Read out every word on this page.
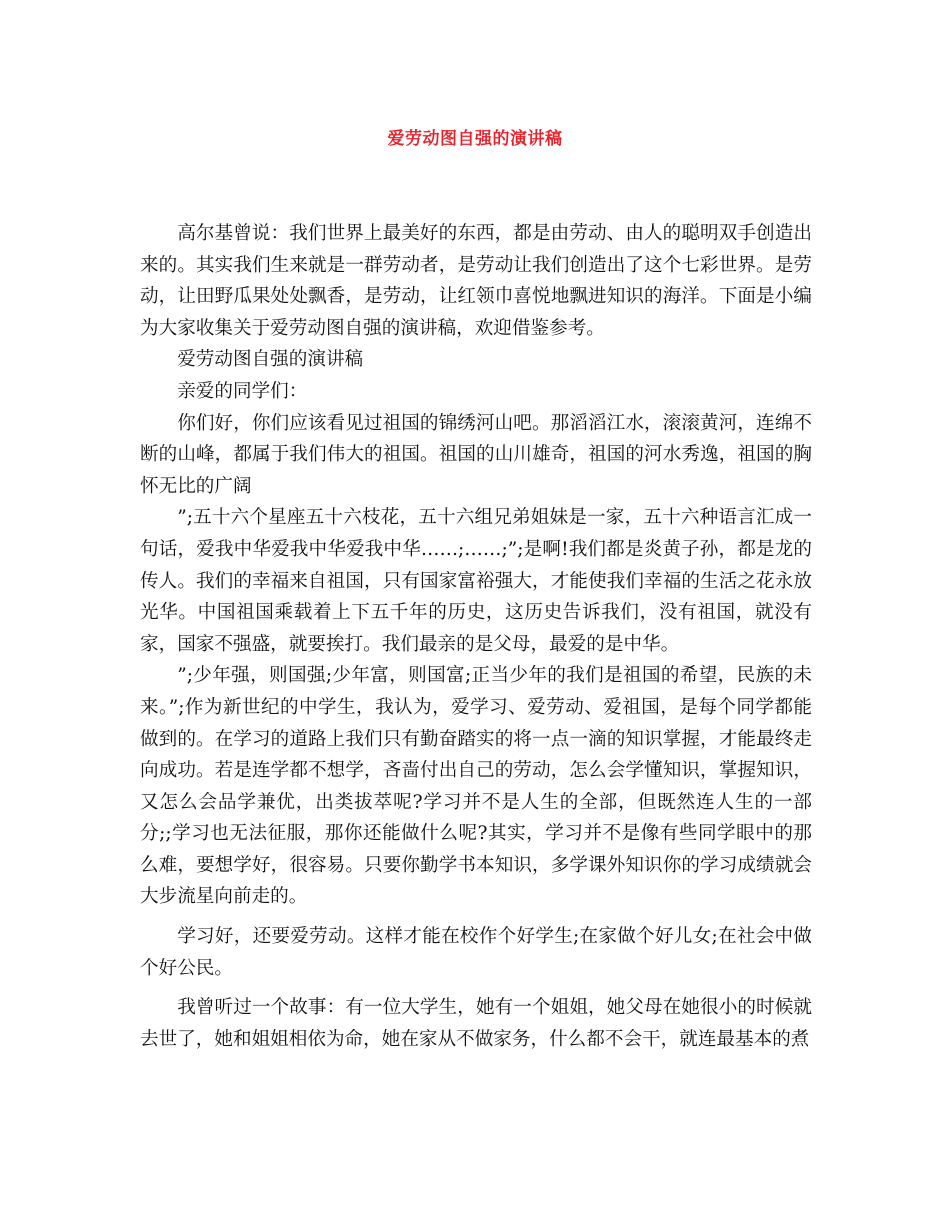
爱劳动图自强的演讲稿

高尔基曾说：我们世界上最美好的东西，都是由劳动、由人的聪明双手创造出来的。其实我们生来就是一群劳动者，是劳动让我们创造出了这个七彩世界。是劳动，让田野瓜果处处飘香，是劳动，让红领巾喜悦地飘进知识的海洋。下面是小编为大家收集关于爱劳动图自强的演讲稿，欢迎借鉴参考。

爱劳动图自强的演讲稿

亲爱的同学们：

你们好，你们应该看见过祖国的锦绣河山吧。那滔滔江水，滚滚黄河，连绵不断的山峰，都属于我们伟大的祖国。祖国的山川雄奇，祖国的河水秀逸，祖国的胸怀无比的广阔

”;五十六个星座五十六枝花，五十六组兄弟姐妹是一家，五十六种语言汇成一句话，爱我中华爱我中华爱我中华……;……;”;是啊!我们都是炎黄子孙，都是龙的传人。我们的幸福来自祖国，只有国家富裕强大，才能使我们幸福的生活之花永放光华。中国祖国乘载着上下五千年的历史，这历史告诉我们，没有祖国，就没有家，国家不强盛，就要挨打。我们最亲的是父母，最爱的是中华。

”;少年强，则国强;少年富，则国富;正当少年的我们是祖国的希望，民族的未来。”;作为新世纪的中学生，我认为，爱学习、爱劳动、爱祖国，是每个同学都能做到的。在学习的道路上我们只有勤奋踏实的将一点一滴的知识掌握，才能最终走向成功。若是连学都不想学，吝啬付出自己的劳动，怎么会学懂知识，掌握知识，又怎么会品学兼优，出类拔萃呢?学习并不是人生的全部，但既然连人生的一部分;;学习也无法征服，那你还能做什么呢?其实，学习并不是像有些同学眼中的那么难，要想学好，很容易。只要你勤学书本知识，多学课外知识你的学习成绩就会大步流星向前走的。

学习好，还要爱劳动。这样才能在校作个好学生;在家做个好儿女;在社会中做个好公民。

我曾听过一个故事：有一位大学生，她有一个姐姐，她父母在她很小的时候就去世了，她和姐姐相依为命，她在家从不做家务，什么都不会干，就连最基本的煮
